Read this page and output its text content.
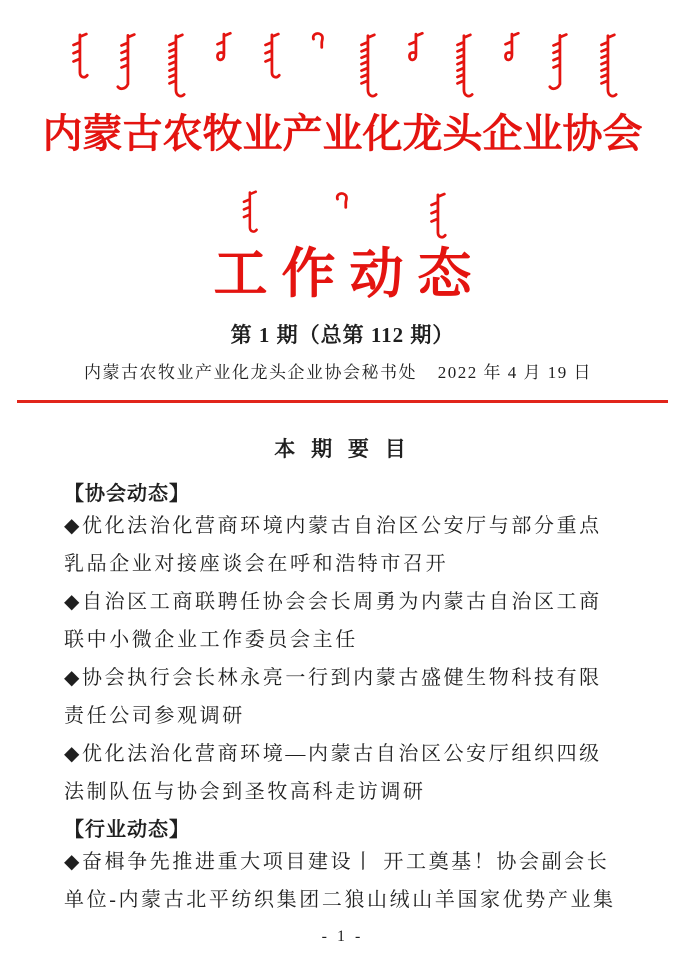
内蒙古农牧业产业化龙头企业协会
工作动态
第 1 期（总第 112 期）
内蒙古农牧业产业化龙头企业协会秘书处 2022 年 4 月 19 日
本 期 要 目
【协会动态】
◆优化法治化营商环境内蒙古自治区公安厅与部分重点
乳品企业对接座谈会在呼和浩特市召开
◆自治区工商联聘任协会会长周勇为内蒙古自治区工商
联中小微企业工作委员会主任
◆协会执行会长林永亮一行到内蒙古盛健生物科技有限
责任公司参观调研
◆优化法治化营商环境—内蒙古自治区公安厅组织四级
法制队伍与协会到圣牧高科走访调研
【行业动态】
◆奋楫争先推进重大项目建设丨 开工奠基！协会副会长
单位-内蒙古北平纺织集团二狼山绒山羊国家优势产业集
- 1 -
